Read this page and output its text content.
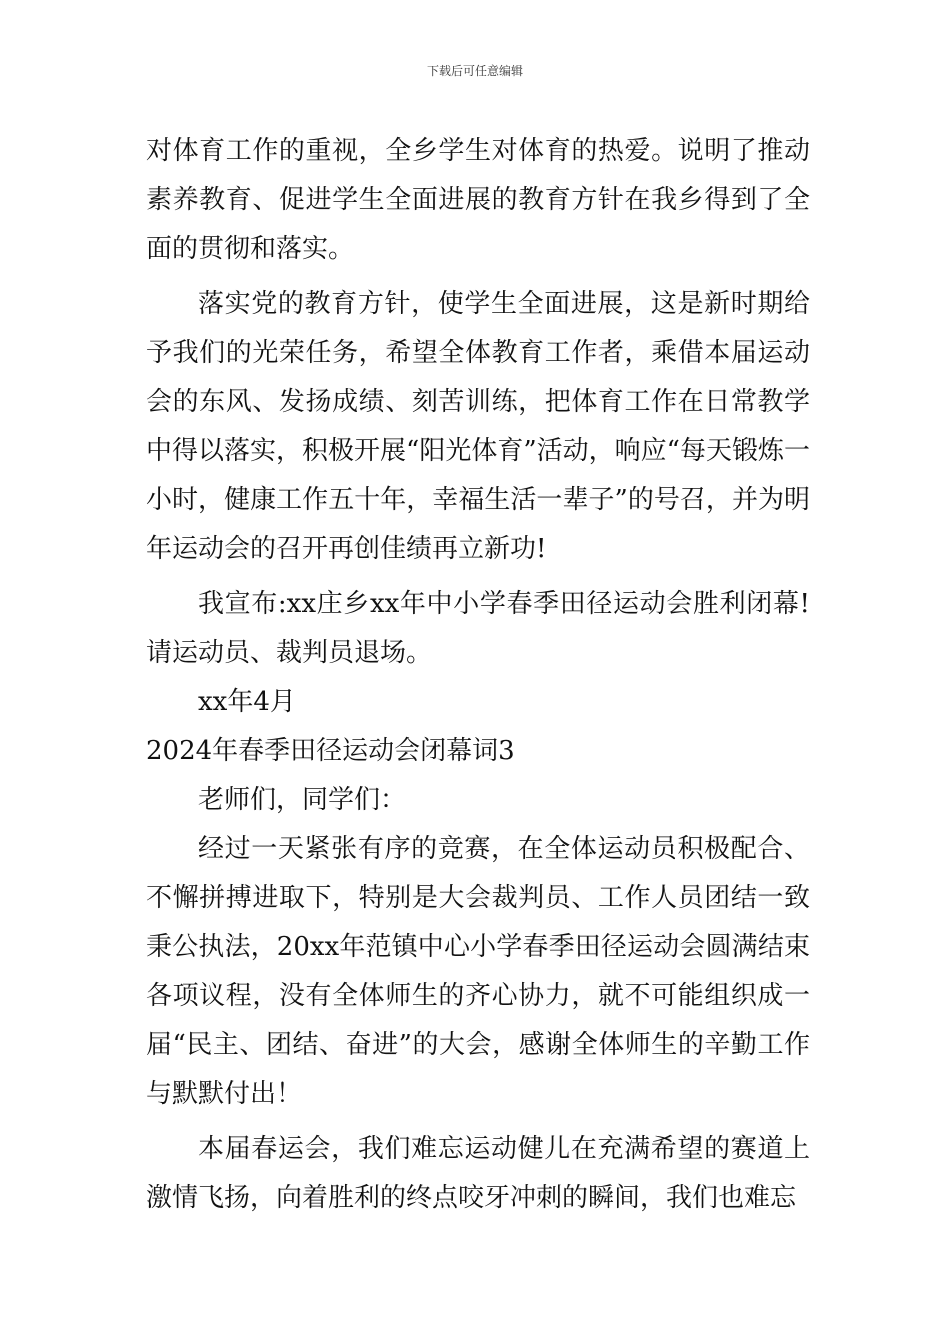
下载后可任意编辑

对体育工作的重视，全乡学生对体育的热爱。说明了推动素养教育、促进学生全面进展的教育方针在我乡得到了全面的贯彻和落实。

落实党的教育方针，使学生全面进展，这是新时期给予我们的光荣任务，希望全体教育工作者，乘借本届运动会的东风、发扬成绩、刻苦训练，把体育工作在日常教学中得以落实，积极开展“阳光体育”活动，响应“每天锻炼一小时，健康工作五十年，幸福生活一辈子”的号召，并为明年运动会的召开再创佳绩再立新功!

我宣布:xx庄乡xx年中小学春季田径运动会胜利闭幕!请运动员、裁判员退场。

xx年4月

2024年春季田径运动会闭幕词3

老师们，同学们：

经过一天紧张有序的竞赛，在全体运动员积极配合、不懈拼搏进取下，特别是大会裁判员、工作人员团结一致秉公执法，20xx年范镇中心小学春季田径运动会圆满结束各项议程，没有全体师生的齐心协力，就不可能组织成一届“民主、团结、奋进”的大会，感谢全体师生的辛勤工作与默默付出！

本届春运会，我们难忘运动健儿在充满希望的赛道上激情飞扬，向着胜利的终点咬牙冲刺的瞬间，我们也难忘
